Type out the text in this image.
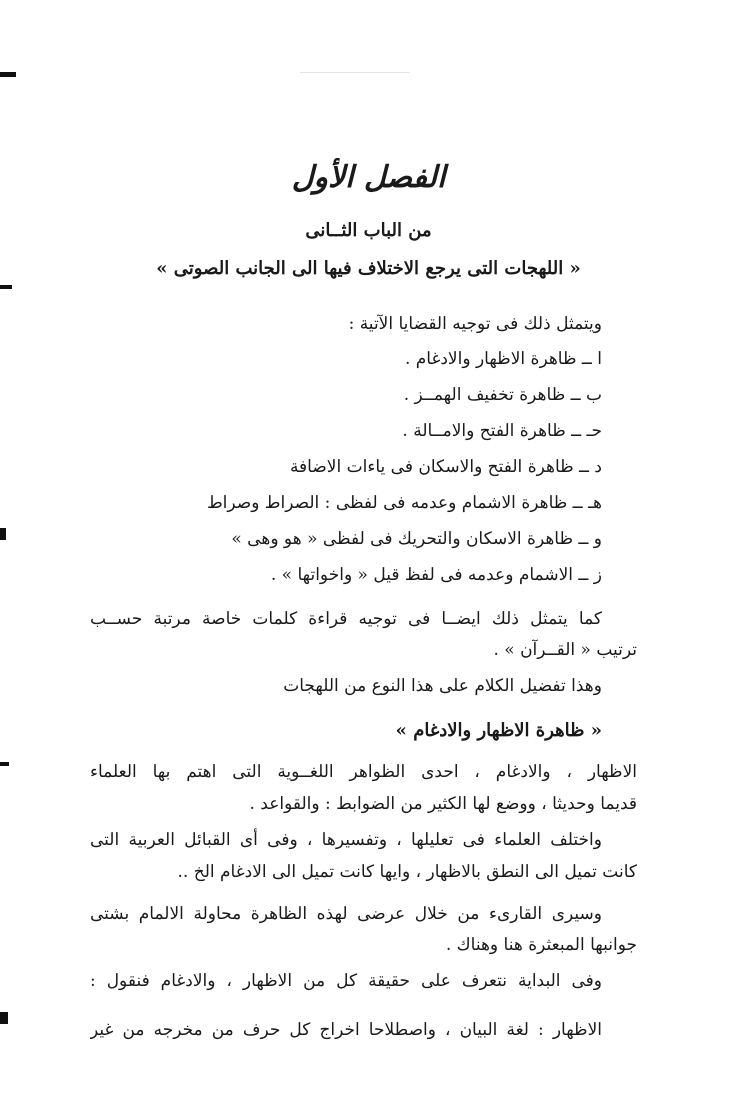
الفصل الأول
من الباب الثــانى
« اللهجات التى يرجع الاختلاف فيها الى الجانب الصوتى »
ويتمثل ذلك فى توجيه القضايا الآتية :
ا ــ ظاهرة الاظهار والادغام .
ب ــ ظاهرة تخفيف الهمــز .
حـ ــ ظاهرة الفتح والامــالة .
د ــ ظاهرة الفتح والاسكان فى ياءات الاضافة
هـ ــ ظاهرة الاشمام وعدمه فى لفظى : الصراط وصراط
و ــ ظاهرة الاسكان والتحريك فى لفظى « هو وهى »
ز ــ الاشمام وعدمه فى لفظ قيل « واخواتها » .
كما يتمثل ذلك ايضــا فى توجيه قراءة كلمات خاصة مرتبة حســب
ترتيب « القــرآن » .
وهذا تفضيل الكلام على هذا النوع من اللهجات
« ظاهرة الاظهار والادغام »
الاظهار ، والادغام ، احدى الظواهر اللغــوية التى اهتم بها العلماء
قديما وحديثا ، ووضع لها الكثير من الضوابط : والقواعد .
واختلف العلماء فى تعليلها ، وتفسيرها ، وفى أى القبائل العربية التى
كانت تميل الى النطق بالاظهار ، وايها كانت تميل الى الادغام الخ ..
وسيرى القارىء من خلال عرضى لهذه الظاهرة محاولة الالمام بشتى
جوانبها المبعثرة هنا وهناك .
وفى البداية نتعرف على حقيقة كل من الاظهار ، والادغام فنقول :
الاظهار : لغة البيان ، واصطلاحا اخراج كل حرف من مخرجه من غير
